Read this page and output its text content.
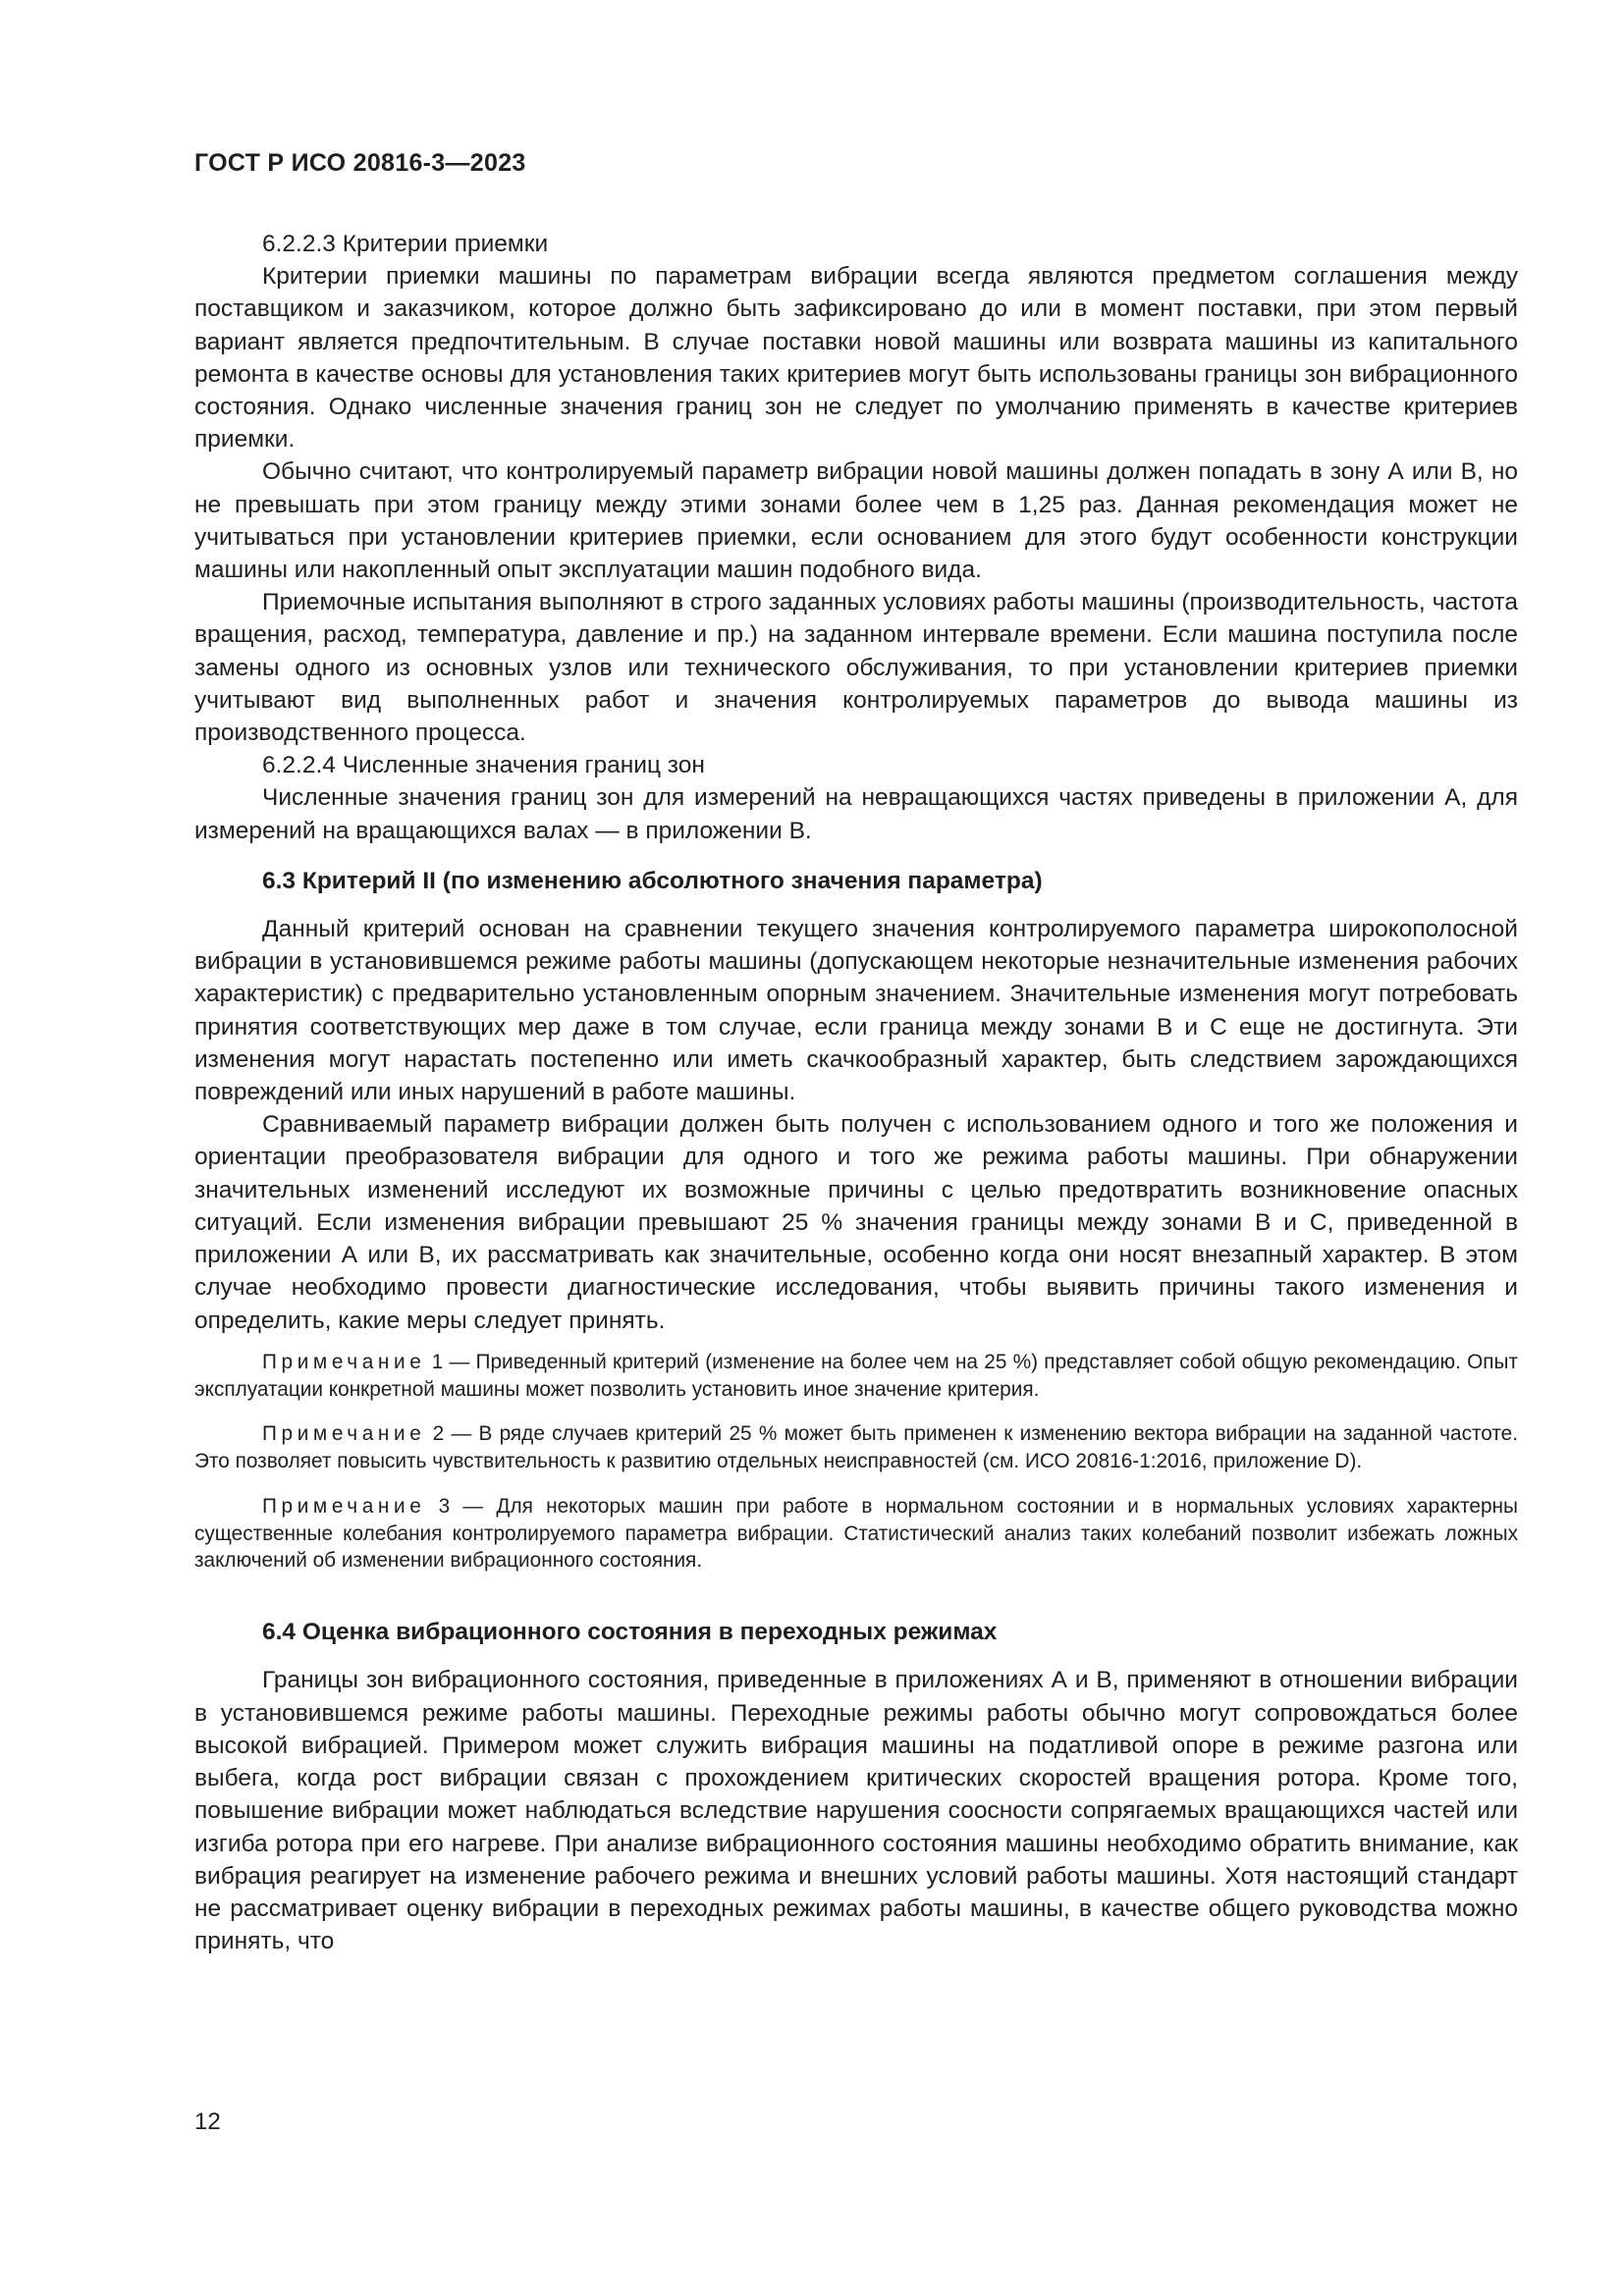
ГОСТ Р ИСО 20816-3—2023

6.2.2.3 Критерии приемки

Критерии приемки машины по параметрам вибрации всегда являются предметом соглашения между поставщиком и заказчиком, которое должно быть зафиксировано до или в момент поставки, при этом первый вариант является предпочтительным. В случае поставки новой машины или возврата машины из капитального ремонта в качестве основы для установления таких критериев могут быть использованы границы зон вибрационного состояния. Однако численные значения границ зон не следует по умолчанию применять в качестве критериев приемки.

Обычно считают, что контролируемый параметр вибрации новой машины должен попадать в зону А или В, но не превышать при этом границу между этими зонами более чем в 1,25 раз. Данная рекомендация может не учитываться при установлении критериев приемки, если основанием для этого будут особенности конструкции машины или накопленный опыт эксплуатации машин подобного вида.

Приемочные испытания выполняют в строго заданных условиях работы машины (производительность, частота вращения, расход, температура, давление и пр.) на заданном интервале времени. Если машина поступила после замены одного из основных узлов или технического обслуживания, то при установлении критериев приемки учитывают вид выполненных работ и значения контролируемых параметров до вывода машины из производственного процесса.

6.2.2.4 Численные значения границ зон

Численные значения границ зон для измерений на невращающихся частях приведены в приложении А, для измерений на вращающихся валах — в приложении В.

6.3 Критерий II (по изменению абсолютного значения параметра)

Данный критерий основан на сравнении текущего значения контролируемого параметра широкополосной вибрации в установившемся режиме работы машины (допускающем некоторые незначительные изменения рабочих характеристик) с предварительно установленным опорным значением. Значительные изменения могут потребовать принятия соответствующих мер даже в том случае, если граница между зонами В и С еще не достигнута. Эти изменения могут нарастать постепенно или иметь скачкообразный характер, быть следствием зарождающихся повреждений или иных нарушений в работе машины.

Сравниваемый параметр вибрации должен быть получен с использованием одного и того же положения и ориентации преобразователя вибрации для одного и того же режима работы машины. При обнаружении значительных изменений исследуют их возможные причины с целью предотвратить возникновение опасных ситуаций. Если изменения вибрации превышают 25 % значения границы между зонами В и С, приведенной в приложении А или В, их рассматривать как значительные, особенно когда они носят внезапный характер. В этом случае необходимо провести диагностические исследования, чтобы выявить причины такого изменения и определить, какие меры следует принять.

Примечание 1 — Приведенный критерий (изменение на более чем на 25 %) представляет собой общую рекомендацию. Опыт эксплуатации конкретной машины может позволить установить иное значение критерия.

Примечание 2 — В ряде случаев критерий 25 % может быть применен к изменению вектора вибрации на заданной частоте. Это позволяет повысить чувствительность к развитию отдельных неисправностей (см. ИСО 20816-1:2016, приложение D).

Примечание 3 — Для некоторых машин при работе в нормальном состоянии и в нормальных условиях характерны существенные колебания контролируемого параметра вибрации. Статистический анализ таких колебаний позволит избежать ложных заключений об изменении вибрационного состояния.

6.4 Оценка вибрационного состояния в переходных режимах

Границы зон вибрационного состояния, приведенные в приложениях А и В, применяют в отношении вибрации в установившемся режиме работы машины. Переходные режимы работы обычно могут сопровождаться более высокой вибрацией. Примером может служить вибрация машины на податливой опоре в режиме разгона или выбега, когда рост вибрации связан с прохождением критических скоростей вращения ротора. Кроме того, повышение вибрации может наблюдаться вследствие нарушения соосности сопрягаемых вращающихся частей или изгиба ротора при его нагреве. При анализе вибрационного состояния машины необходимо обратить внимание, как вибрация реагирует на изменение рабочего режима и внешних условий работы машины. Хотя настоящий стандарт не рассматривает оценку вибрации в переходных режимах работы машины, в качестве общего руководства можно принять, что

12
